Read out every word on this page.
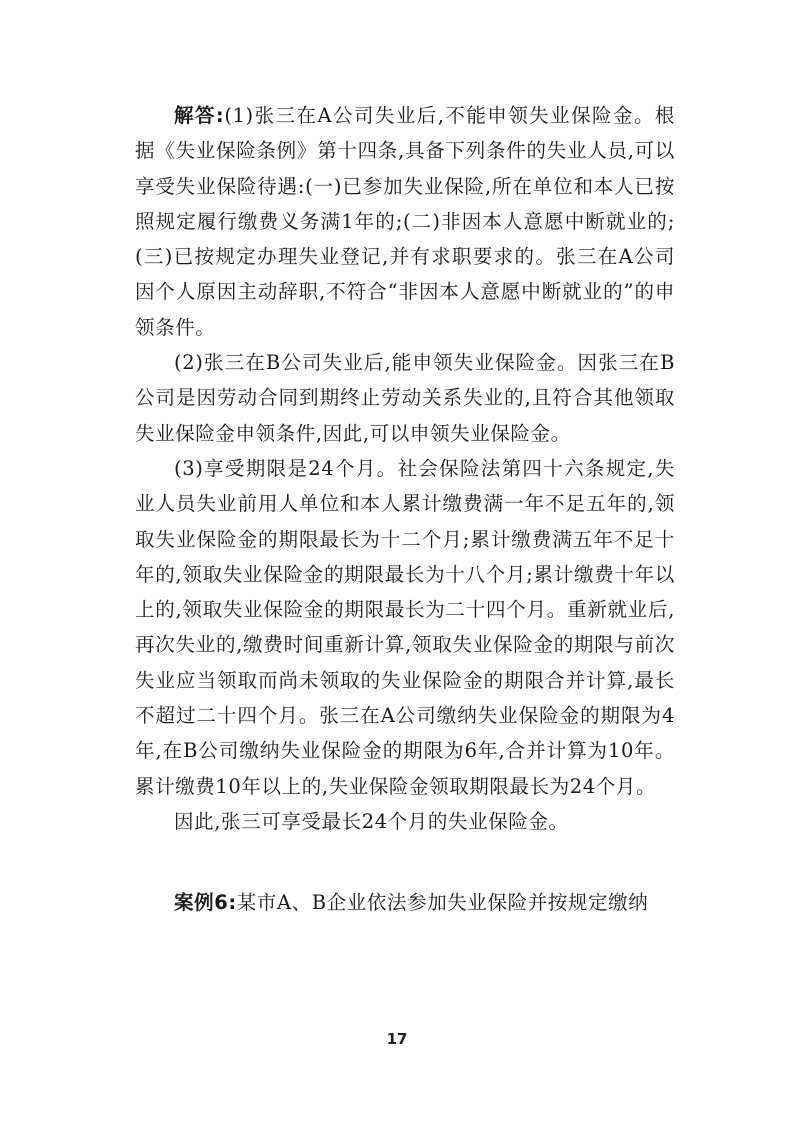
解答:(1)张三在A公司失业后,不能申领失业保险金。根据《失业保险条例》第十四条,具备下列条件的失业人员,可以享受失业保险待遇:(一)已参加失业保险,所在单位和本人已按照规定履行缴费义务满1年的;(二)非因本人意愿中断就业的;(三)已按规定办理失业登记,并有求职要求的。张三在A公司因个人原因主动辞职,不符合“非因本人意愿中断就业的”的申领条件。

(2)张三在B公司失业后,能申领失业保险金。因张三在B公司是因劳动合同到期终止劳动关系失业的,且符合其他领取失业保险金申领条件,因此,可以申领失业保险金。

(3)享受期限是24个月。社会保险法第四十六条规定,失业人员失业前用人单位和本人累计缴费满一年不足五年的,领取失业保险金的期限最长为十二个月;累计缴费满五年不足十年的,领取失业保险金的期限最长为十八个月;累计缴费十年以上的,领取失业保险金的期限最长为二十四个月。重新就业后,再次失业的,缴费时间重新计算,领取失业保险金的期限与前次失业应当领取而尚未领取的失业保险金的期限合并计算,最长不超过二十四个月。张三在A公司缴纳失业保险金的期限为4年,在B公司缴纳失业保险金的期限为6年,合并计算为10年。累计缴费10年以上的,失业保险金领取期限最长为24个月。

因此,张三可享受最长24个月的失业保险金。

案例6:某市A、B企业依法参加失业保险并按规定缴纳

17
